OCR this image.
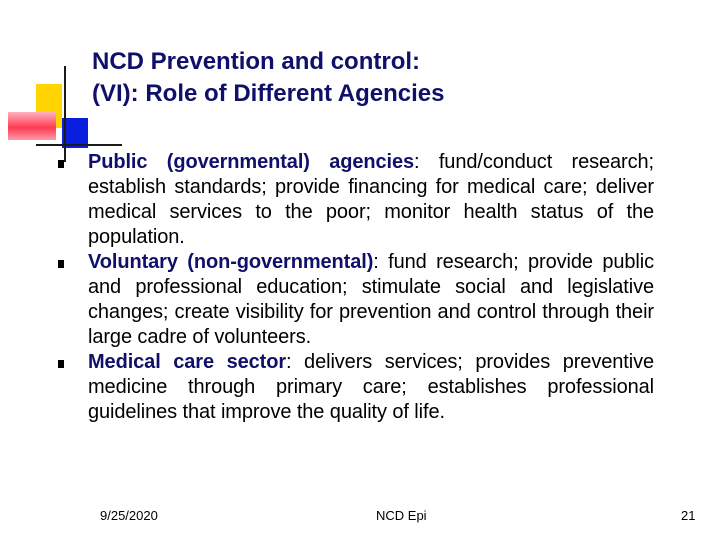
NCD Prevention and control:
(VI): Role of Different Agencies
Public (governmental) agencies: fund/conduct research; establish standards; provide financing for medical care; deliver medical services to the poor; monitor health status of the population.
Voluntary (non-governmental): fund research; provide public and professional education; stimulate social and legislative changes; create visibility for prevention and control through their large cadre of volunteers.
Medical care sector: delivers services; provides preventive medicine through primary care; establishes professional guidelines that improve the quality of life.
9/25/2020	NCD Epi	21
